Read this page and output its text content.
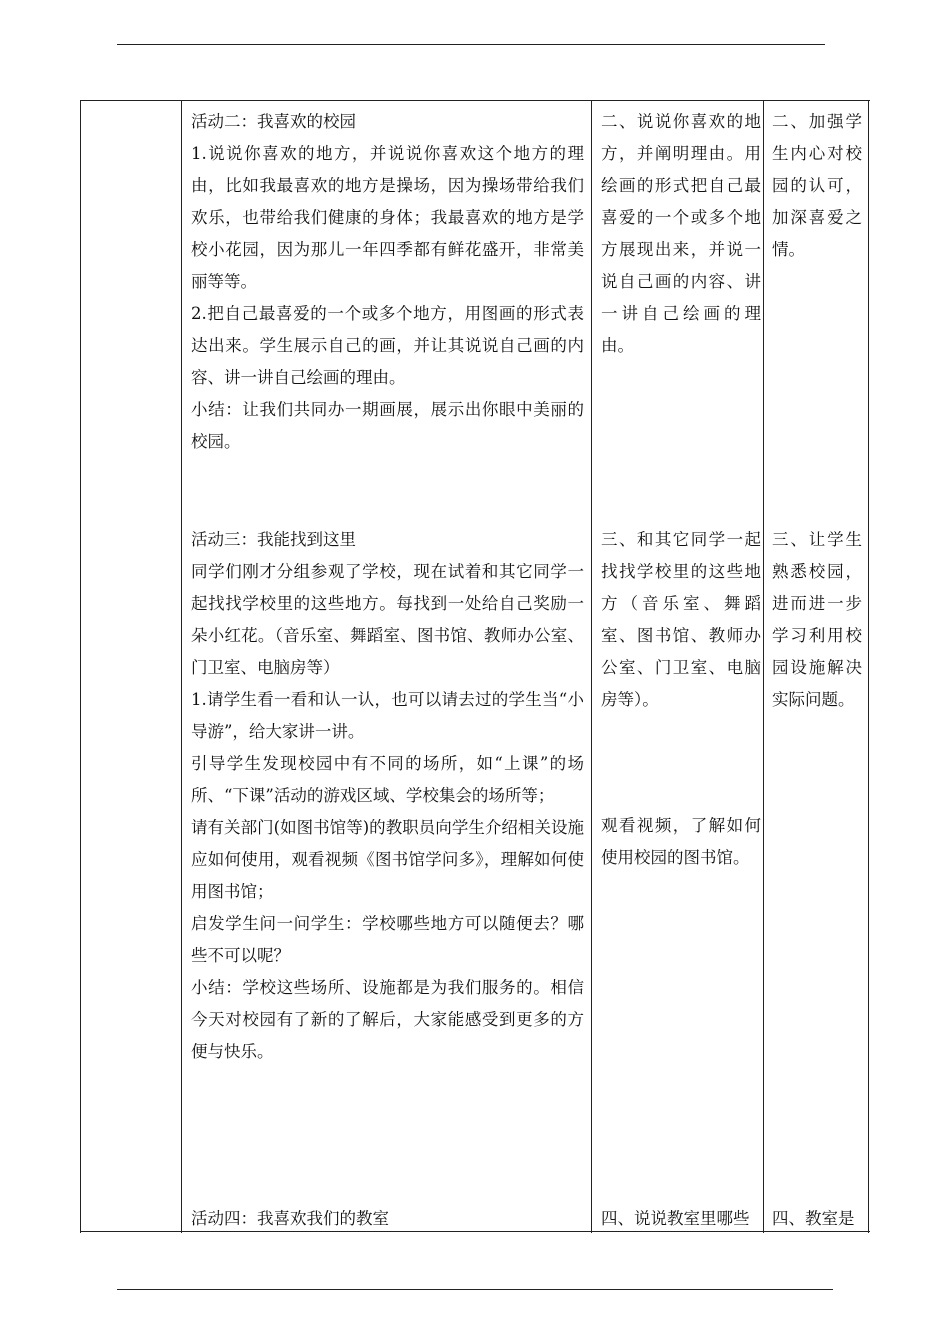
活动二：我喜欢的校园

1.说说你喜欢的地方，并说说你喜欢这个地方的理由，比如我最喜欢的地方是操场，因为操场带给我们欢乐，也带给我们健康的身体；我最喜欢的地方是学校小花园，因为那儿一年四季都有鲜花盛开，非常美丽等等。

2.把自己最喜爱的一个或多个地方，用图画的形式表达出来。学生展示自己的画，并让其说说自己画的内容、讲一讲自己绘画的理由。

小结：让我们共同办一期画展，展示出你眼中美丽的校园。

二、说说你喜欢的地方，并阐明理由。用绘画的形式把自己最喜爱的一个或多个地方展现出来，并说一说自己画的内容、讲一讲自己绘画的理由。

二、加强学生内心对校园的认可，加深喜爱之情。

活动三：我能找到这里

同学们刚才分组参观了学校，现在试着和其它同学一起找找学校里的这些地方。每找到一处给自己奖励一朵小红花。（音乐室、舞蹈室、图书馆、教师办公室、门卫室、电脑房等）

1.请学生看一看和认一认，也可以请去过的学生当“小导游”，给大家讲一讲。

引导学生发现校园中有不同的场所，如“上课”的场所、“下课”活动的游戏区域、学校集会的场所等；

请有关部门(如图书馆等)的教职员向学生介绍相关设施应如何使用，观看视频《图书馆学问多》，理解如何使用图书馆；

启发学生问一问学生：学校哪些地方可以随便去？哪些不可以呢？

小结：学校这些场所、设施都是为我们服务的。相信今天对校园有了新的了解后，大家能感受到更多的方便与快乐。

三、和其它同学一起找找学校里的这些地方（音乐室、舞蹈室、图书馆、教师办公室、门卫室、电脑房等）。

观看视频，了解如何使用校园的图书馆。

三、让学生熟悉校园，进而进一步学习利用校园设施解决实际问题。

活动四：我喜欢我们的教室	四、说说教室里哪些	四、教室是
